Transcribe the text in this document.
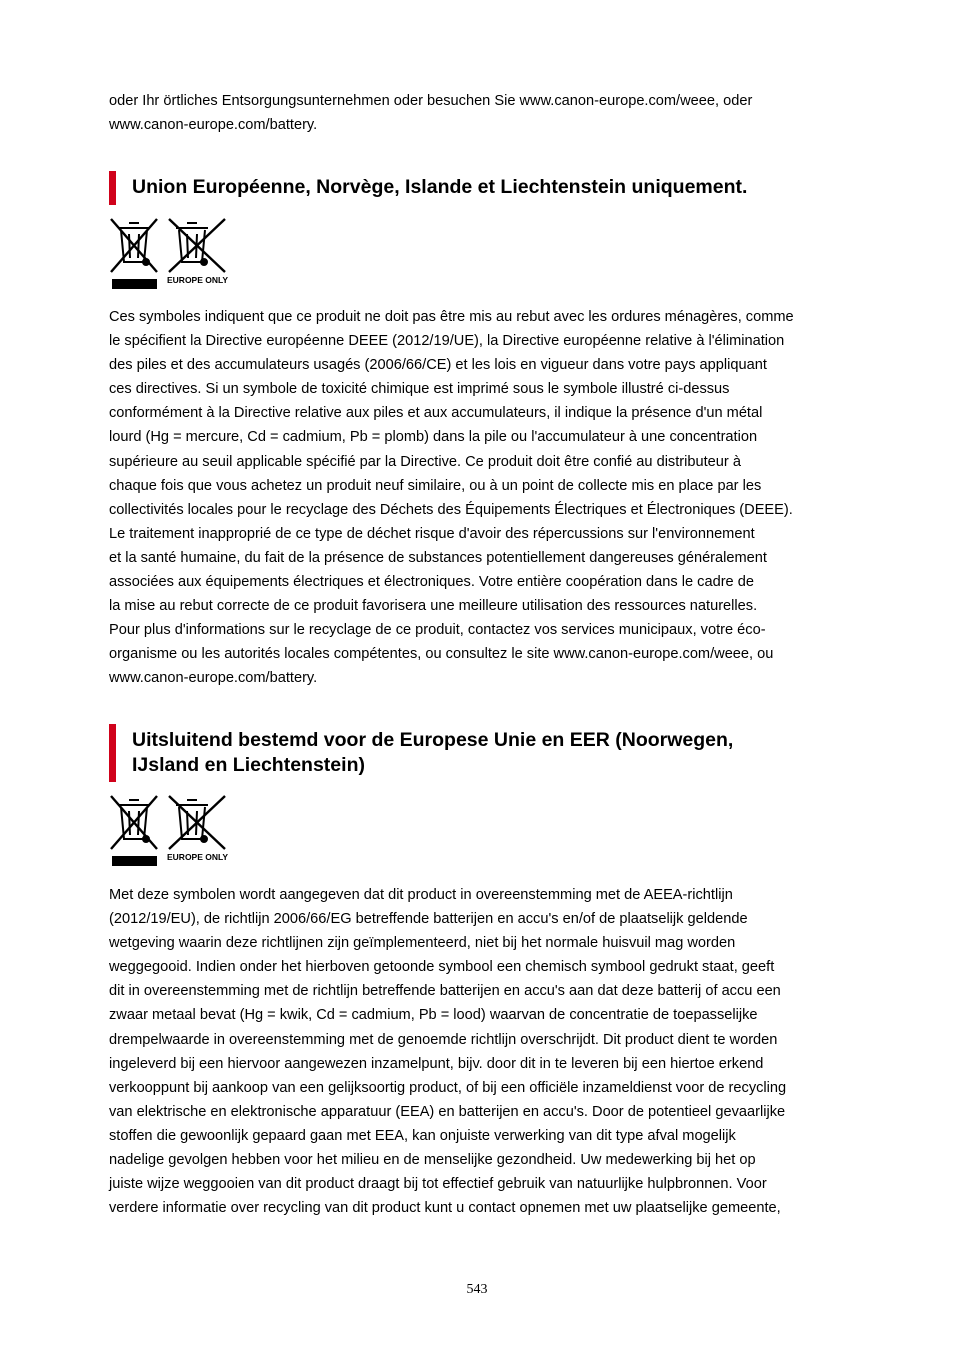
oder Ihr örtliches Entsorgungsunternehmen oder besuchen Sie www.canon-europe.com/weee, oder
www.canon-europe.com/battery.

Union Européenne, Norvège, Islande et Liechtenstein uniquement.
EUROPE ONLY

Ces symboles indiquent que ce produit ne doit pas être mis au rebut avec les ordures ménagères, comme
le spécifient la Directive européenne DEEE (2012/19/UE), la Directive européenne relative à l'élimination
des piles et des accumulateurs usagés (2006/66/CE) et les lois en vigueur dans votre pays appliquant
ces directives. Si un symbole de toxicité chimique est imprimé sous le symbole illustré ci-dessus
conformément à la Directive relative aux piles et aux accumulateurs, il indique la présence d'un métal
lourd (Hg = mercure, Cd = cadmium, Pb = plomb) dans la pile ou l'accumulateur à une concentration
supérieure au seuil applicable spécifié par la Directive. Ce produit doit être confié au distributeur à
chaque fois que vous achetez un produit neuf similaire, ou à un point de collecte mis en place par les
collectivités locales pour le recyclage des Déchets des Équipements Électriques et Électroniques (DEEE).
Le traitement inapproprié de ce type de déchet risque d'avoir des répercussions sur l'environnement
et la santé humaine, du fait de la présence de substances potentiellement dangereuses généralement
associées aux équipements électriques et électroniques. Votre entière coopération dans le cadre de
la mise au rebut correcte de ce produit favorisera une meilleure utilisation des ressources naturelles.
Pour plus d'informations sur le recyclage de ce produit, contactez vos services municipaux, votre éco-
organisme ou les autorités locales compétentes, ou consultez le site www.canon-europe.com/weee, ou
www.canon-europe.com/battery.

Uitsluitend bestemd voor de Europese Unie en EER (Noorwegen,
IJsland en Liechtenstein)
EUROPE ONLY

Met deze symbolen wordt aangegeven dat dit product in overeenstemming met de AEEA-richtlijn
(2012/19/EU), de richtlijn 2006/66/EG betreffende batterijen en accu's en/of de plaatselijk geldende
wetgeving waarin deze richtlijnen zijn geïmplementeerd, niet bij het normale huisvuil mag worden
weggegooid. Indien onder het hierboven getoonde symbool een chemisch symbool gedrukt staat, geeft
dit in overeenstemming met de richtlijn betreffende batterijen en accu's aan dat deze batterij of accu een
zwaar metaal bevat (Hg = kwik, Cd = cadmium, Pb = lood) waarvan de concentratie de toepasselijke
drempelwaarde in overeenstemming met de genoemde richtlijn overschrijdt. Dit product dient te worden
ingeleverd bij een hiervoor aangewezen inzamelpunt, bijv. door dit in te leveren bij een hiertoe erkend
verkooppunt bij aankoop van een gelijksoortig product, of bij een officiële inzameldienst voor de recycling
van elektrische en elektronische apparatuur (EEA) en batterijen en accu's. Door de potentieel gevaarlijke
stoffen die gewoonlijk gepaard gaan met EEA, kan onjuiste verwerking van dit type afval mogelijk
nadelige gevolgen hebben voor het milieu en de menselijke gezondheid. Uw medewerking bij het op
juiste wijze weggooien van dit product draagt bij tot effectief gebruik van natuurlijke hulpbronnen. Voor
verdere informatie over recycling van dit product kunt u contact opnemen met uw plaatselijke gemeente,

543
